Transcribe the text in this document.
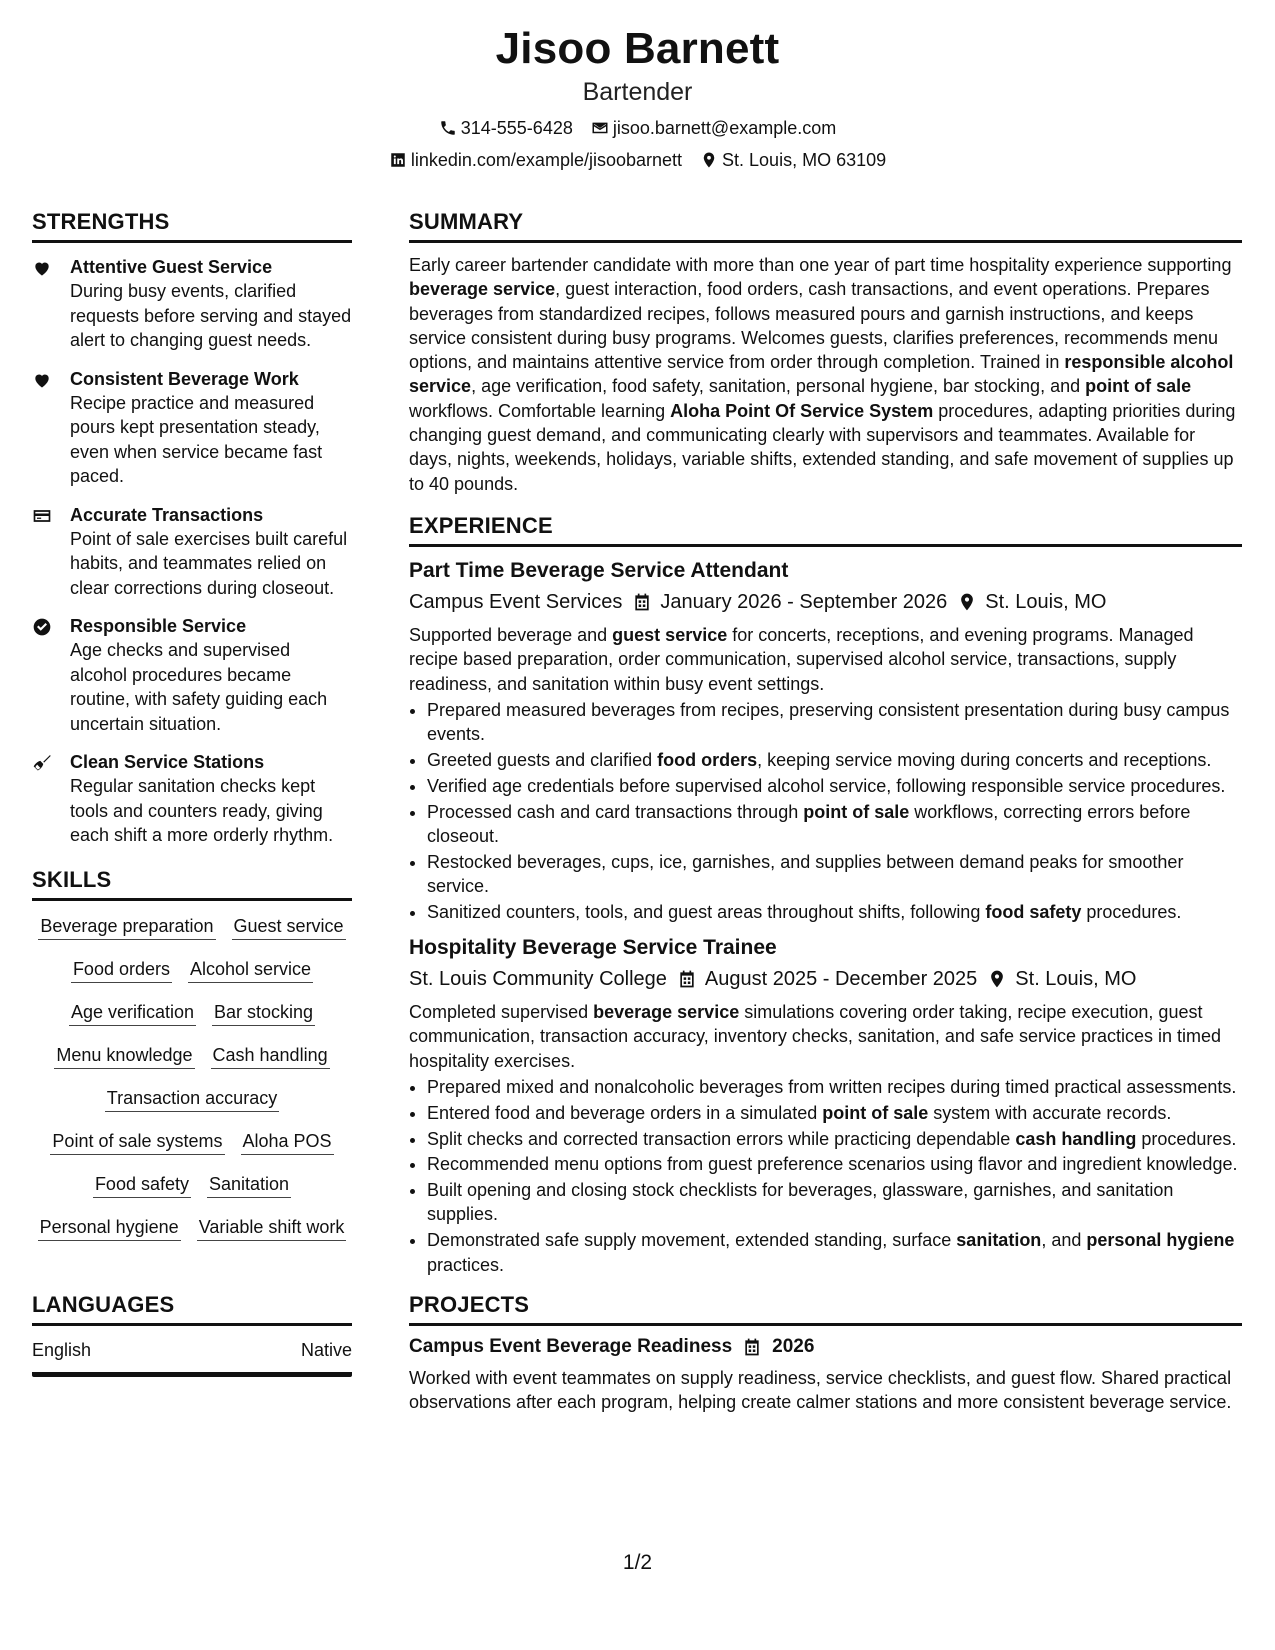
Jisoo Barnett

Bartender

314-555-6428 jisoo.barnett@example.com
linkedin.com/example/jisoobarnett St. Louis, MO 63109
STRENGTHS
Attentive Guest Service
During busy events, clarified requests before serving and stayed alert to changing guest needs.
Consistent Beverage Work
Recipe practice and measured pours kept presentation steady, even when service became fast paced.
Accurate Transactions
Point of sale exercises built careful habits, and teammates relied on clear corrections during closeout.
Responsible Service
Age checks and supervised alcohol procedures became routine, with safety guiding each uncertain situation.
Clean Service Stations
Regular sanitation checks kept tools and counters ready, giving each shift a more orderly rhythm.
SKILLS
Beverage preparation Guest service
Food orders Alcohol service
Age verification Bar stocking
Menu knowledge Cash handling
Transaction accuracy
Point of sale systems Aloha POS
Food safety Sanitation
Personal hygiene Variable shift work
LANGUAGES
English	Native
SUMMARY

Early career bartender candidate with more than one year of part time hospitality experience supporting beverage service, guest interaction, food orders, cash transactions, and event operations. Prepares beverages from standardized recipes, follows measured pours and garnish instructions, and keeps service consistent during busy programs. Welcomes guests, clarifies preferences, recommends menu options, and maintains attentive service from order through completion. Trained in responsible alcohol service, age verification, food safety, sanitation, personal hygiene, bar stocking, and point of sale workflows. Comfortable learning Aloha Point Of Service System procedures, adapting priorities during changing guest demand, and communicating clearly with supervisors and teammates. Available for days, nights, weekends, holidays, variable shifts, extended standing, and safe movement of supplies up to 40 pounds.

EXPERIENCE
Part Time Beverage Service Attendant
Campus Event Services January 2026 - September 2026 St. Louis, MO

Supported beverage and guest service for concerts, receptions, and evening programs. Managed recipe based preparation, order communication, supervised alcohol service, transactions, supply readiness, and sanitation within busy event settings.

• Prepared measured beverages from recipes, preserving consistent presentation during busy campus events.
• Greeted guests and clarified food orders, keeping service moving during concerts and receptions.
• Verified age credentials before supervised alcohol service, following responsible service procedures.
• Processed cash and card transactions through point of sale workflows, correcting errors before closeout.
• Restocked beverages, cups, ice, garnishes, and supplies between demand peaks for smoother service.
• Sanitized counters, tools, and guest areas throughout shifts, following food safety procedures.
Hospitality Beverage Service Trainee
St. Louis Community College August 2025 - December 2025 St. Louis, MO

Completed supervised beverage service simulations covering order taking, recipe execution, guest communication, transaction accuracy, inventory checks, sanitation, and safe service practices in timed hospitality exercises.

• Prepared mixed and nonalcoholic beverages from written recipes during timed practical assessments.
• Entered food and beverage orders in a simulated point of sale system with accurate records.
• Split checks and corrected transaction errors while practicing dependable cash handling procedures.
• Recommended menu options from guest preference scenarios using flavor and ingredient knowledge.
• Built opening and closing stock checklists for beverages, glassware, garnishes, and sanitation supplies.
• Demonstrated safe supply movement, extended standing, surface sanitation, and personal hygiene practices.
PROJECTS
Campus Event Beverage Readiness 2026

Worked with event teammates on supply readiness, service checklists, and guest flow. Shared practical observations after each program, helping create calmer stations and more consistent beverage service.

1/2
